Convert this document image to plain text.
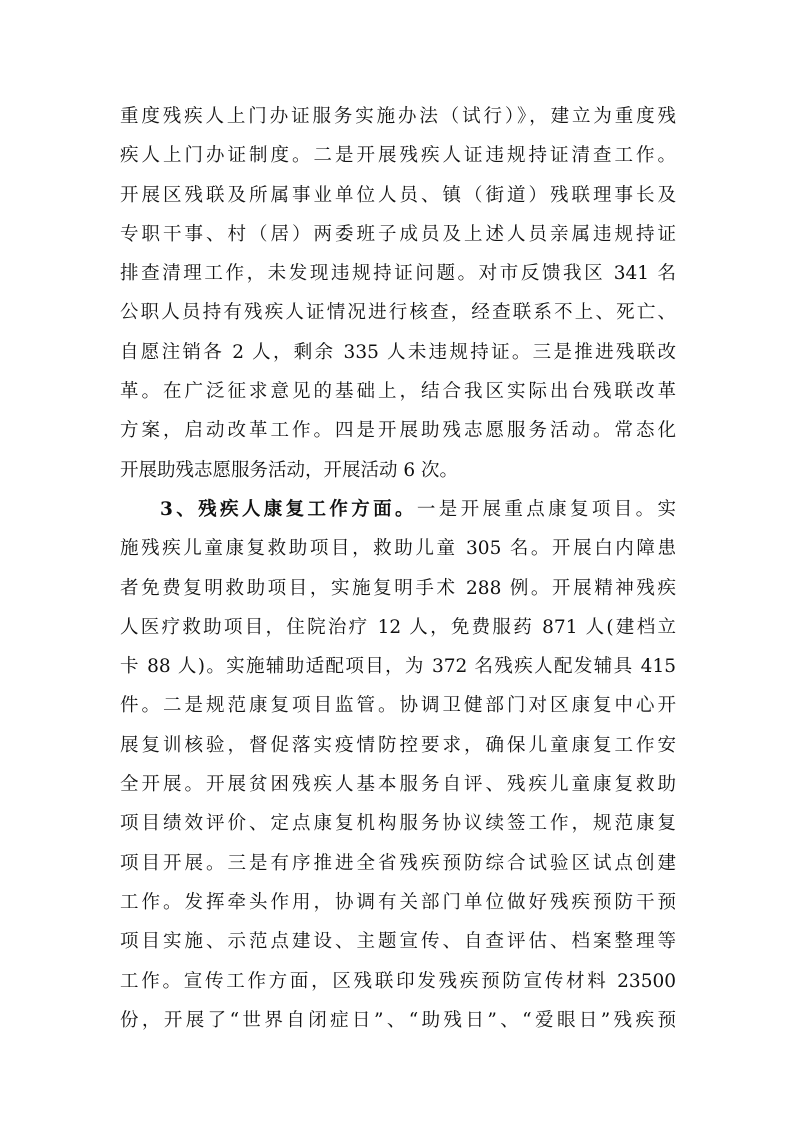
重度残疾人上门办证服务实施办法（试行）》，建立为重度残
疾人上门办证制度。二是开展残疾人证违规持证清查工作。
开展区残联及所属事业单位人员、镇（街道）残联理事长及
专职干事、村（居）两委班子成员及上述人员亲属违规持证
排查清理工作，未发现违规持证问题。对市反馈我区 341 名
公职人员持有残疾人证情况进行核查，经查联系不上、死亡、
自愿注销各 2 人，剩余 335 人未违规持证。三是推进残联改
革。在广泛征求意见的基础上，结合我区实际出台残联改革
方案，启动改革工作。四是开展助残志愿服务活动。常态化
开展助残志愿服务活动，开展活动 6 次。
3、残疾人康复工作方面。一是开展重点康复项目。实
施残疾儿童康复救助项目，救助儿童 305 名。开展白内障患
者免费复明救助项目，实施复明手术 288 例。开展精神残疾
人医疗救助项目，住院治疗 12 人，免费服药 871 人(建档立
卡 88 人)。实施辅助适配项目，为 372 名残疾人配发辅具 415
件。二是规范康复项目监管。协调卫健部门对区康复中心开
展复训核验，督促落实疫情防控要求，确保儿童康复工作安
全开展。开展贫困残疾人基本服务自评、残疾儿童康复救助
项目绩效评价、定点康复机构服务协议续签工作，规范康复
项目开展。三是有序推进全省残疾预防综合试验区试点创建
工作。发挥牵头作用，协调有关部门单位做好残疾预防干预
项目实施、示范点建设、主题宣传、自查评估、档案整理等
工作。宣传工作方面，区残联印发残疾预防宣传材料 23500
份，开展了“世界自闭症日”、“助残日”、“爱眼日”残疾预
